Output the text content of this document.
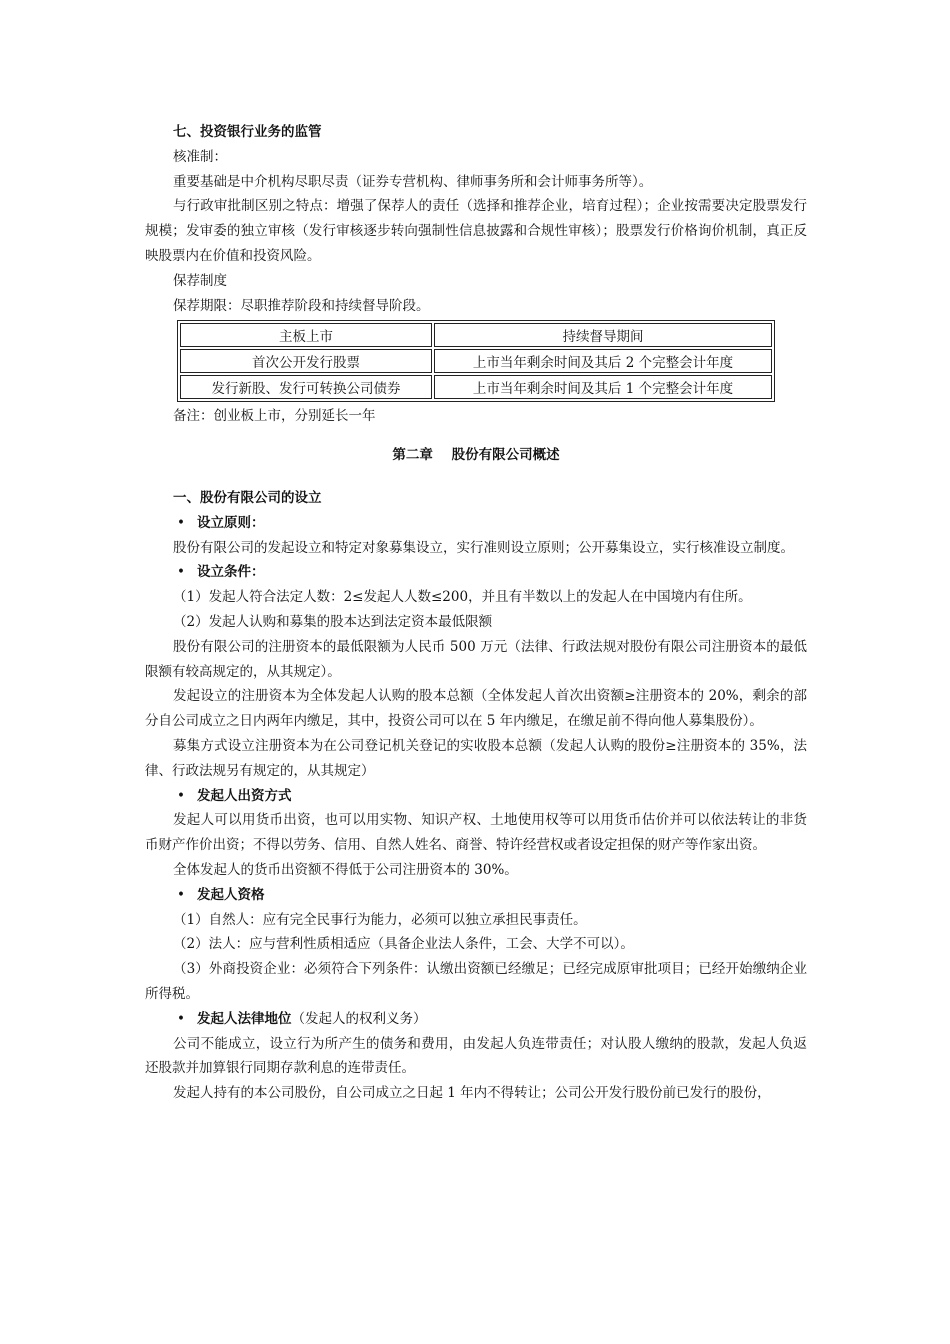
七、投资银行业务的监管

核准制：

重要基础是中介机构尽职尽责（证券专营机构、律师事务所和会计师事务所等）。

与行政审批制区别之特点：增强了保荐人的责任（选择和推荐企业，培育过程）；企业按需要决定股票发行规模；发审委的独立审核（发行审核逐步转向强制性信息披露和合规性审核）；股票发行价格询价机制，真正反映股票内在价值和投资风险。

保荐制度

保荐期限：尽职推荐阶段和持续督导阶段。

主板上市	持续督导期间
首次公开发行股票	上市当年剩余时间及其后 2 个完整会计年度
发行新股、发行可转换公司债券	上市当年剩余时间及其后 1 个完整会计年度

备注：创业板上市，分别延长一年

第二章    股份有限公司概述

一、股份有限公司的设立

• 设立原则：

股份有限公司的发起设立和特定对象募集设立，实行准则设立原则；公开募集设立，实行核准设立制度。

• 设立条件：

（1）发起人符合法定人数：2≤发起人人数≤200，并且有半数以上的发起人在中国境内有住所。

（2）发起人认购和募集的股本达到法定资本最低限额

股份有限公司的注册资本的最低限额为人民币 500 万元（法律、行政法规对股份有限公司注册资本的最低限额有较高规定的，从其规定）。

发起设立的注册资本为全体发起人认购的股本总额（全体发起人首次出资额≥注册资本的 20%，剩余的部分自公司成立之日内两年内缴足，其中，投资公司可以在 5 年内缴足，在缴足前不得向他人募集股份）。

募集方式设立注册资本为在公司登记机关登记的实收股本总额（发起人认购的股份≥注册资本的 35%，法律、行政法规另有规定的，从其规定）

• 发起人出资方式

发起人可以用货币出资，也可以用实物、知识产权、土地使用权等可以用货币估价并可以依法转让的非货币财产作价出资；不得以劳务、信用、自然人姓名、商誉、特许经营权或者设定担保的财产等作家出资。

全体发起人的货币出资额不得低于公司注册资本的 30%。

• 发起人资格

（1）自然人：应有完全民事行为能力，必须可以独立承担民事责任。

（2）法人：应与营利性质相适应（具备企业法人条件，工会、大学不可以）。

（3）外商投资企业：必须符合下列条件：认缴出资额已经缴足；已经完成原审批项目；已经开始缴纳企业所得税。

• 发起人法律地位（发起人的权利义务）

公司不能成立，设立行为所产生的债务和费用，由发起人负连带责任；对认股人缴纳的股款，发起人负返还股款并加算银行同期存款利息的连带责任。

发起人持有的本公司股份，自公司成立之日起 1 年内不得转让；公司公开发行股份前已发行的股份，
